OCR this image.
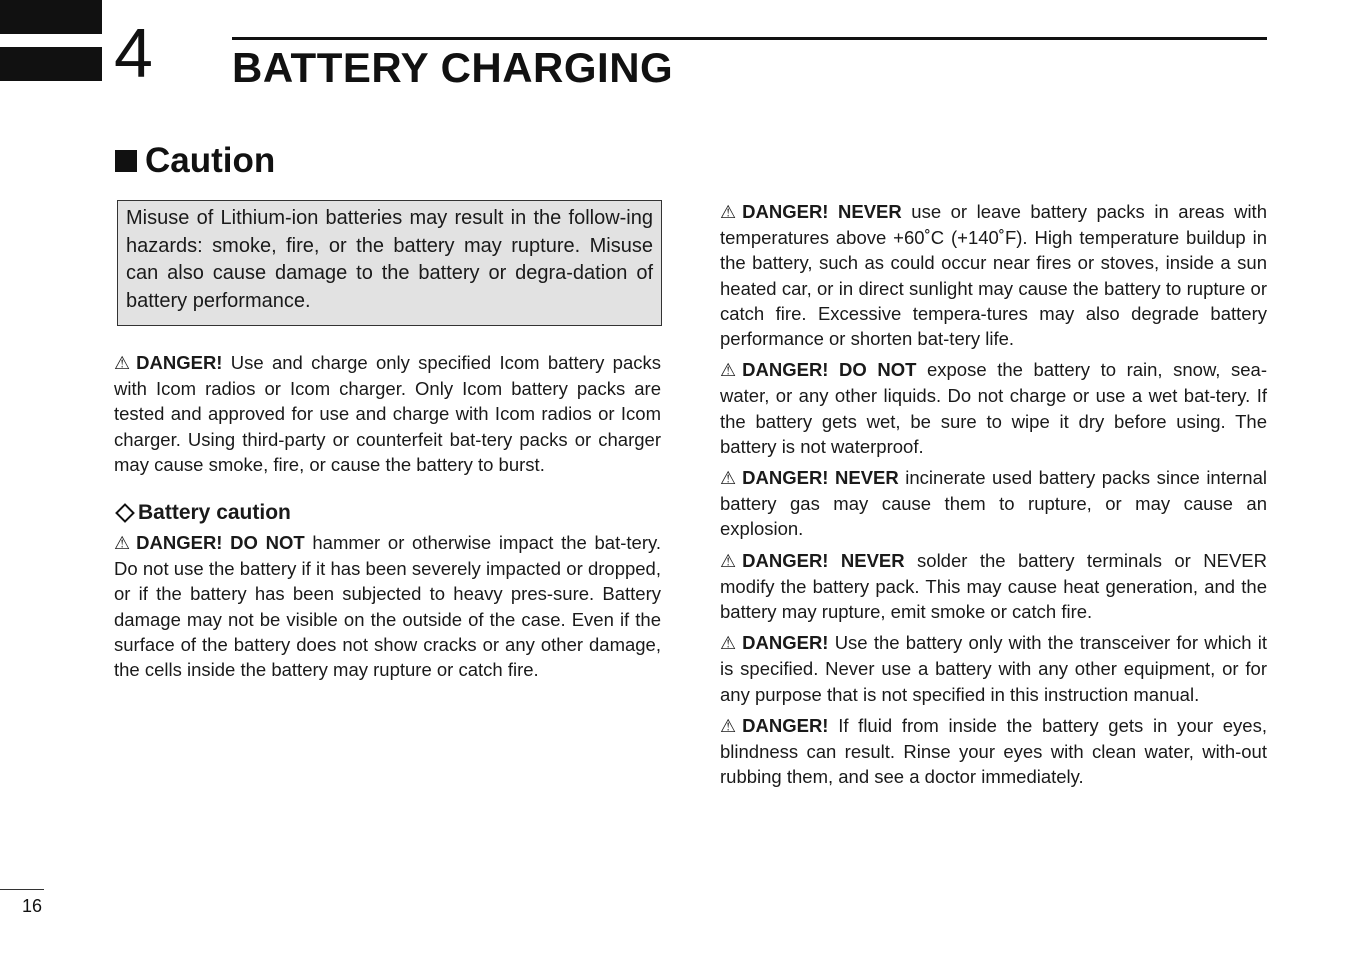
4 BATTERY CHARGING
Caution
Misuse of Lithium-ion batteries may result in the follow-ing hazards: smoke, fire, or the battery may rupture. Misuse can also cause damage to the battery or degra-dation of battery performance.

⚠ DANGER! Use and charge only specified Icom battery packs with Icom radios or Icom charger. Only Icom battery packs are tested and approved for use and charge with Icom radios or Icom charger. Using third-party or counterfeit bat-tery packs or charger may cause smoke, fire, or cause the battery to burst.

Battery caution

⚠ DANGER! DO NOT hammer or otherwise impact the bat-tery. Do not use the battery if it has been severely impacted or dropped, or if the battery has been subjected to heavy pres-sure. Battery damage may not be visible on the outside of the case. Even if the surface of the battery does not show cracks or any other damage, the cells inside the battery may rupture or catch fire.

⚠ DANGER! NEVER use or leave battery packs in areas with temperatures above +60˚C (+140˚F). High temperature buildup in the battery, such as could occur near fires or stoves, inside a sun heated car, or in direct sunlight may cause the battery to rupture or catch fire. Excessive tempera-tures may also degrade battery performance or shorten bat-tery life.

⚠ DANGER! DO NOT expose the battery to rain, snow, sea-water, or any other liquids. Do not charge or use a wet bat-tery. If the battery gets wet, be sure to wipe it dry before using. The battery is not waterproof.

⚠ DANGER! NEVER incinerate used battery packs since internal battery gas may cause them to rupture, or may cause an explosion.

⚠ DANGER! NEVER solder the battery terminals or NEVER modify the battery pack. This may cause heat generation, and the battery may rupture, emit smoke or catch fire.

⚠ DANGER! Use the battery only with the transceiver for which it is specified. Never use a battery with any other equipment, or for any purpose that is not specified in this instruction manual.

⚠ DANGER! If fluid from inside the battery gets in your eyes, blindness can result. Rinse your eyes with clean water, with-out rubbing them, and see a doctor immediately.

16
